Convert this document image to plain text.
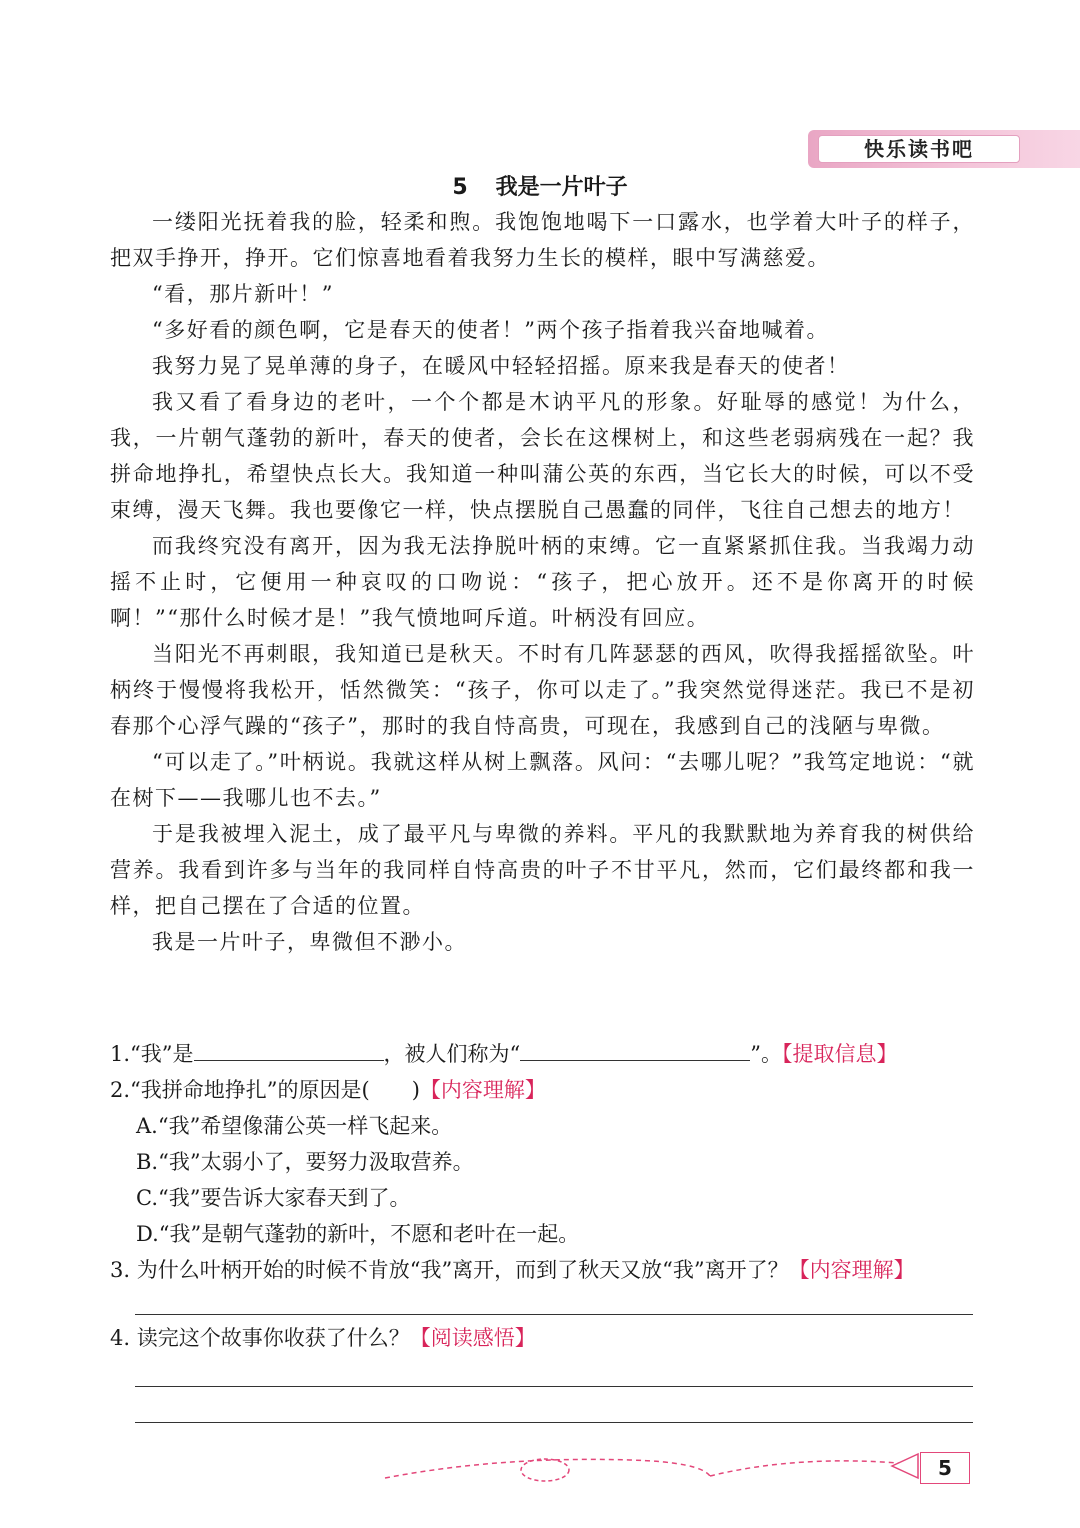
快乐读书吧
5 我是一片叶子

一缕阳光抚着我的脸，轻柔和煦。我饱饱地喝下一口露水，也学着大叶子的样子，把双手挣开，挣开。它们惊喜地看着我努力生长的模样，眼中写满慈爱。

“看，那片新叶！”

“多好看的颜色啊，它是春天的使者！”两个孩子指着我兴奋地喊着。

我努力晃了晃单薄的身子，在暖风中轻轻招摇。原来我是春天的使者！

我又看了看身边的老叶，一个个都是木讷平凡的形象。好耻辱的感觉！为什么，我，一片朝气蓬勃的新叶，春天的使者，会长在这棵树上，和这些老弱病残在一起？我拼命地挣扎，希望快点长大。我知道一种叫蒲公英的东西，当它长大的时候，可以不受束缚，漫天飞舞。我也要像它一样，快点摆脱自己愚蠢的同伴，飞往自己想去的地方！

而我终究没有离开，因为我无法挣脱叶柄的束缚。它一直紧紧抓住我。当我竭力动摇不止时，它便用一种哀叹的口吻说：“孩子，把心放开。还不是你离开的时候啊！”“那什么时候才是！”我气愤地呵斥道。叶柄没有回应。

当阳光不再刺眼，我知道已是秋天。不时有几阵瑟瑟的西风，吹得我摇摇欲坠。叶柄终于慢慢将我松开，恬然微笑：“孩子，你可以走了。”我突然觉得迷茫。我已不是初春那个心浮气躁的“孩子”，那时的我自恃高贵，可现在，我感到自己的浅陋与卑微。

“可以走了。”叶柄说。我就这样从树上飘落。风问：“去哪儿呢？”我笃定地说：“就在树下——我哪儿也不去。”

于是我被埋入泥土，成了最平凡与卑微的养料。平凡的我默默地为养育我的树供给营养。我看到许多与当年的我同样自恃高贵的叶子不甘平凡，然而，它们最终都和我一样，把自己摆在了合适的位置。

我是一片叶子，卑微但不渺小。

1.“我”是	，被人们称为“	”。【提取信息】

2.“我拼命地挣扎”的原因是(　　)【内容理解】

A.“我”希望像蒲公英一样飞起来。

B.“我”太弱小了，要努力汲取营养。

C.“我”要告诉大家春天到了。

D.“我”是朝气蓬勃的新叶，不愿和老叶在一起。

3. 为什么叶柄开始的时候不肯放“我”离开，而到了秋天又放“我”离开了？【内容理解】

4. 读完这个故事你收获了什么？【阅读感悟】

5
